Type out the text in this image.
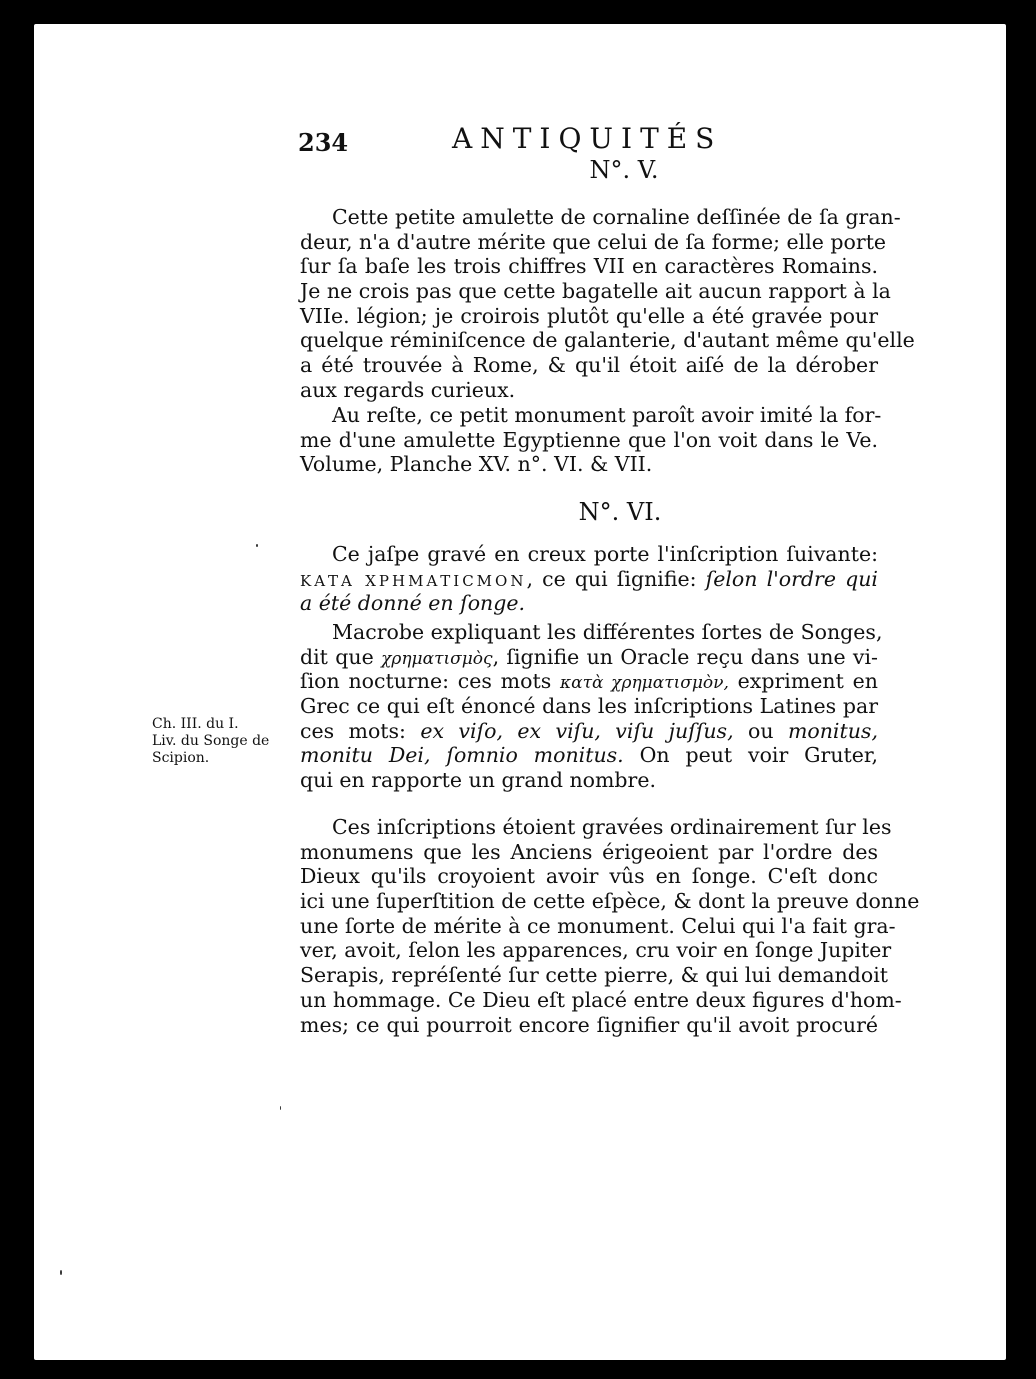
234	ANTIQUITÉS
N°. V.
Cette petite amulette de cornaline deſſinée de ſa gran-
deur, n'a d'autre mérite que celui de ſa forme; elle porte
ſur ſa baſe les trois chiffres VII en caractères Romains.
Je ne crois pas que cette bagatelle ait aucun rapport à la
VIIe. légion; je croirois plutôt qu'elle a été gravée pour
quelque réminiſcence de galanterie, d'autant même qu'elle
a été trouvée à Rome, & qu'il étoit aiſé de la dérober
aux regards curieux.
Au reſte, ce petit monument paroît avoir imité la for-
me d'une amulette Egyptienne que l'on voit dans le Ve.
Volume, Planche XV. n°. VI. & VII.
N°. VI.
Ce jaſpe gravé en creux porte l'inſcription ſuivante:
ΚΑΤΑ ΧΡΗΜΑΤΙϹΜΟΝ, ce qui ſignifie: ſelon l'ordre qui
a été donné en ſonge.
Macrobe expliquant les différentes ſortes de Songes,
dit que χρηματισμὸς, ſignifie un Oracle reçu dans une vi-
ſion nocturne: ces mots κατὰ χρηματισμὸν, expriment en
Grec ce qui eſt énoncé dans les inſcriptions Latines par
ces mots: ex viſo, ex viſu, viſu juſſus, ou monitus,
monitu Dei, ſomnio monitus. On peut voir Gruter,
qui en rapporte un grand nombre.
Ces inſcriptions étoient gravées ordinairement ſur les
monumens que les Anciens érigeoient par l'ordre des
Dieux qu'ils croyoient avoir vûs en ſonge. C'eſt donc
ici une ſuperſtition de cette eſpèce, & dont la preuve donne
une ſorte de mérite à ce monument. Celui qui l'a fait gra-
ver, avoit, ſelon les apparences, cru voir en ſonge Jupiter
Serapis, repréſenté ſur cette pierre, & qui lui demandoit
un hommage. Ce Dieu eſt placé entre deux figures d'hom-
mes; ce qui pourroit encore ſignifier qu'il avoit procuré
Ch. III. du I.
Liv. du Songe de
Scipion.
